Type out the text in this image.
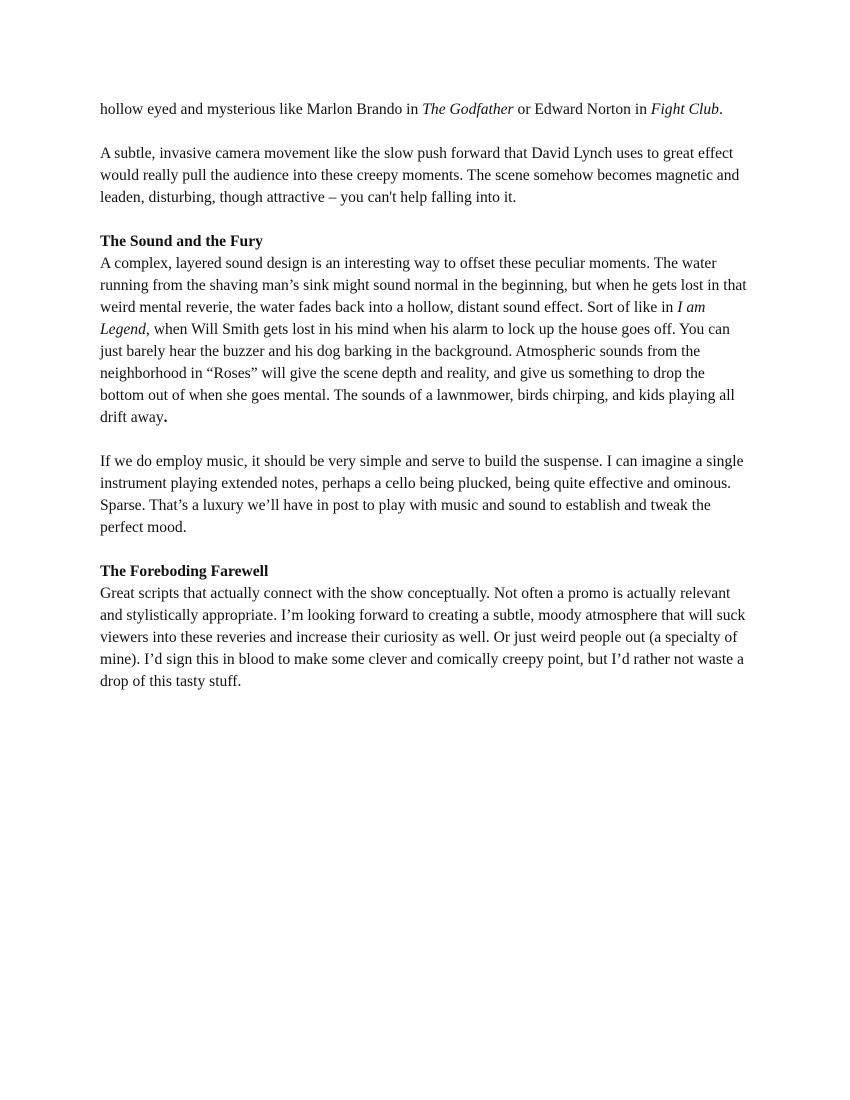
hollow eyed and mysterious like Marlon Brando in The Godfather or Edward Norton in Fight Club.

A subtle, invasive camera movement like the slow push forward that David Lynch uses to great effect would really pull the audience into these creepy moments. The scene somehow becomes magnetic and leaden, disturbing, though attractive – you can't help falling into it.

The Sound and the Fury
A complex, layered sound design is an interesting way to offset these peculiar moments. The water running from the shaving man’s sink might sound normal in the beginning, but when he gets lost in that weird mental reverie, the water fades back into a hollow, distant sound effect. Sort of like in I am Legend, when Will Smith gets lost in his mind when his alarm to lock up the house goes off. You can just barely hear the buzzer and his dog barking in the background. Atmospheric sounds from the neighborhood in “Roses” will give the scene depth and reality, and give us something to drop the bottom out of when she goes mental. The sounds of a lawnmower, birds chirping, and kids playing all drift away.

If we do employ music, it should be very simple and serve to build the suspense. I can imagine a single instrument playing extended notes, perhaps a cello being plucked, being quite effective and ominous. Sparse. That’s a luxury we’ll have in post to play with music and sound to establish and tweak the perfect mood.

The Foreboding Farewell
Great scripts that actually connect with the show conceptually. Not often a promo is actually relevant and stylistically appropriate. I’m looking forward to creating a subtle, moody atmosphere that will suck viewers into these reveries and increase their curiosity as well. Or just weird people out (a specialty of mine). I’d sign this in blood to make some clever and comically creepy point, but I’d rather not waste a drop of this tasty stuff.
